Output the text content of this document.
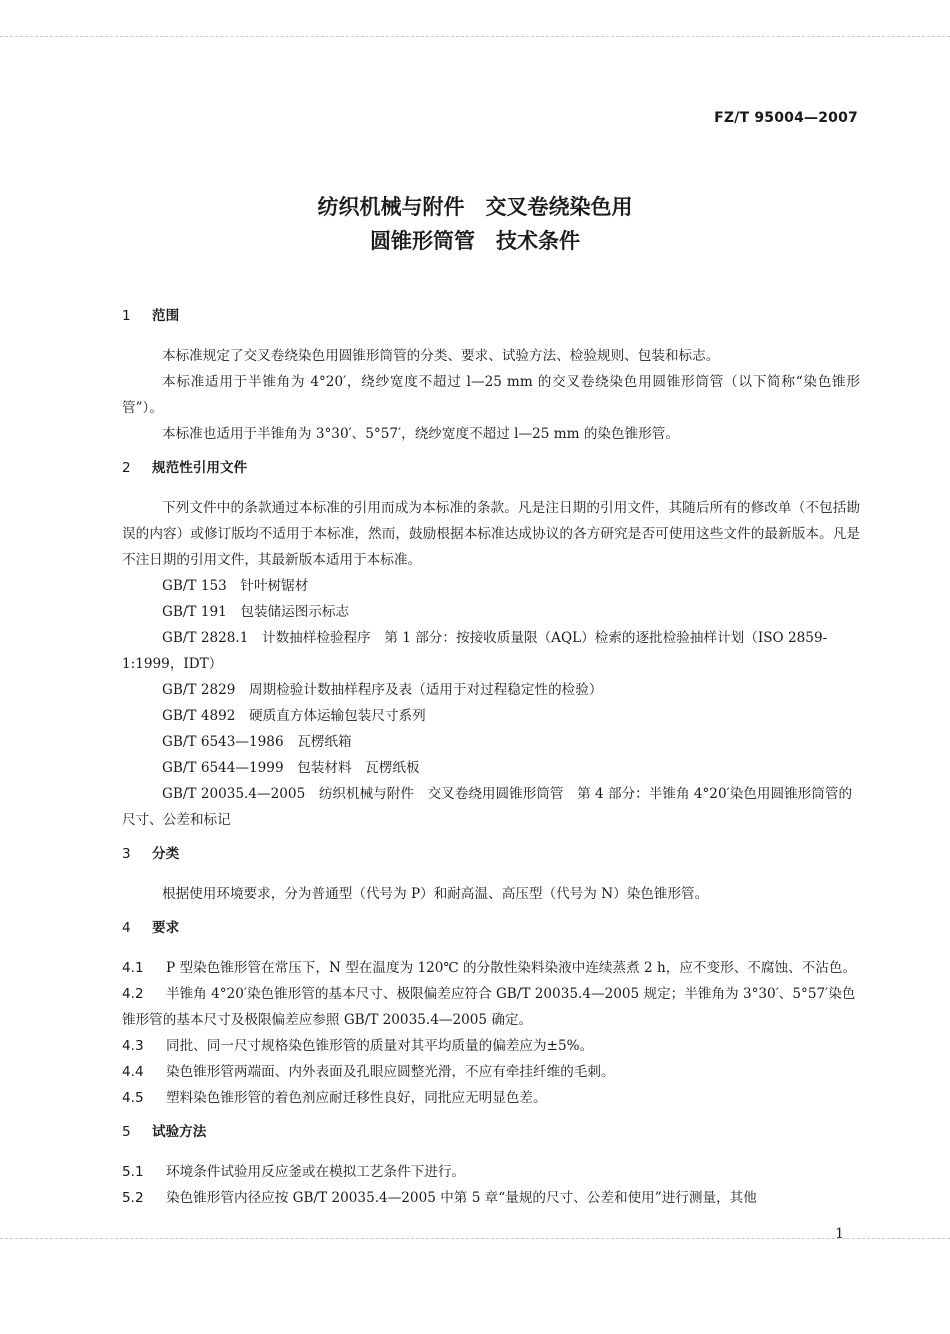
FZ/T 95004—2007
纺织机械与附件　交叉卷绕染色用
圆锥形筒管　技术条件
1 范围

本标准规定了交叉卷绕染色用圆锥形筒管的分类、要求、试验方法、检验规则、包装和标志。

本标准适用于半锥角为 4°20′，绕纱宽度不超过 l—25 mm 的交叉卷绕染色用圆锥形筒管（以下简称“染色锥形管”）。

本标准也适用于半锥角为 3°30′、5°57′，绕纱宽度不超过 l—25 mm 的染色锥形管。

2 规范性引用文件

下列文件中的条款通过本标准的引用而成为本标准的条款。凡是注日期的引用文件，其随后所有的修改单（不包括勘误的内容）或修订版均不适用于本标准，然而，鼓励根据本标准达成协议的各方研究是否可使用这些文件的最新版本。凡是不注日期的引用文件，其最新版本适用于本标准。

GB/T 153　针叶树锯材

GB/T 191　包装储运图示标志

GB/T 2828.1　计数抽样检验程序　第 1 部分：按接收质量限（AQL）检索的逐批检验抽样计划（ISO 2859-1:1999，IDT）

GB/T 2829　周期检验计数抽样程序及表（适用于对过程稳定性的检验）

GB/T 4892　硬质直方体运输包装尺寸系列

GB/T 6543—1986　瓦楞纸箱

GB/T 6544—1999　包装材料　瓦楞纸板

GB/T 20035.4—2005　纺织机械与附件　交叉卷绕用圆锥形筒管　第 4 部分：半锥角 4°20′染色用圆锥形筒管的尺寸、公差和标记

3 分类

根据使用环境要求，分为普通型（代号为 P）和耐高温、高压型（代号为 N）染色锥形管。

4 要求

4.1 P 型染色锥形管在常压下，N 型在温度为 120℃ 的分散性染料染液中连续蒸煮 2 h，应不变形、不腐蚀、不沾色。

4.2 半锥角 4°20′染色锥形管的基本尺寸、极限偏差应符合 GB/T 20035.4—2005 规定；半锥角为 3°30′、5°57′染色锥形管的基本尺寸及极限偏差应参照 GB/T 20035.4—2005 确定。

4.3 同批、同一尺寸规格染色锥形管的质量对其平均质量的偏差应为±5%。

4.4 染色锥形管两端面、内外表面及孔眼应圆整光滑，不应有牵挂纤维的毛刺。

4.5 塑料染色锥形管的着色剂应耐迁移性良好，同批应无明显色差。

5 试验方法

5.1 环境条件试验用反应釜或在模拟工艺条件下进行。

5.2 染色锥形管内径应按 GB/T 20035.4—2005 中第 5 章“量规的尺寸、公差和使用”进行测量，其他

1
